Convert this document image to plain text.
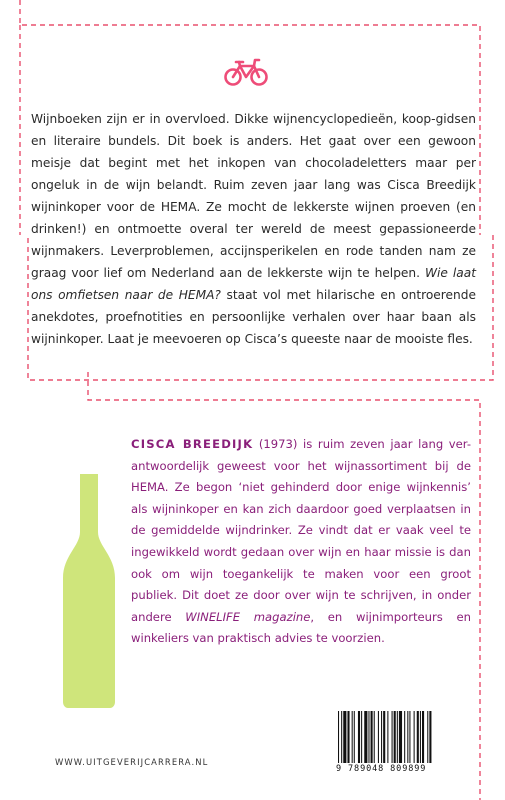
Wijnboeken zijn er in overvloed. Dikke wijnencyclopedieën, koop-gidsen en literaire bundels. Dit boek is anders. Het gaat over een gewoon meisje dat begint met het inkopen van chocoladeletters maar per ongeluk in de wijn belandt. Ruim zeven jaar lang was Cisca Breedijk wijninkoper voor de HEMA. Ze mocht de lekkerste wijnen proeven (en drinken!) en ontmoette overal ter wereld de meest gepassioneerde wijnmakers. Leverproblemen, accijnsperikelen en rode tanden nam ze graag voor lief om Nederland aan de lekkerste wijn te helpen. Wie laat ons omfietsen naar de HEMA? staat vol met hilarische en ontroerende anekdotes, proefnotities en persoonlijke verhalen over haar baan als wijninkoper. Laat je meevoeren op Cisca’s queeste naar de mooiste fles.

CISCA BREEDIJK (1973) is ruim zeven jaar lang ver-antwoordelijk geweest voor het wijnassortiment bij de HEMA. Ze begon ‘niet gehinderd door enige wijnkennis’ als wijninkoper en kan zich daardoor goed verplaatsen in de gemiddelde wijndrinker. Ze vindt dat er vaak veel te ingewikkeld wordt gedaan over wijn en haar missie is dan ook om wijn toegankelijk te maken voor een groot publiek. Dit doet ze door over wijn te schrijven, in onder andere WINELIFE magazine, en wijnimporteurs en winkeliers van praktisch advies te voorzien.

WWW.UITGEVERIJCARRERA.NL
9 789048 809899
